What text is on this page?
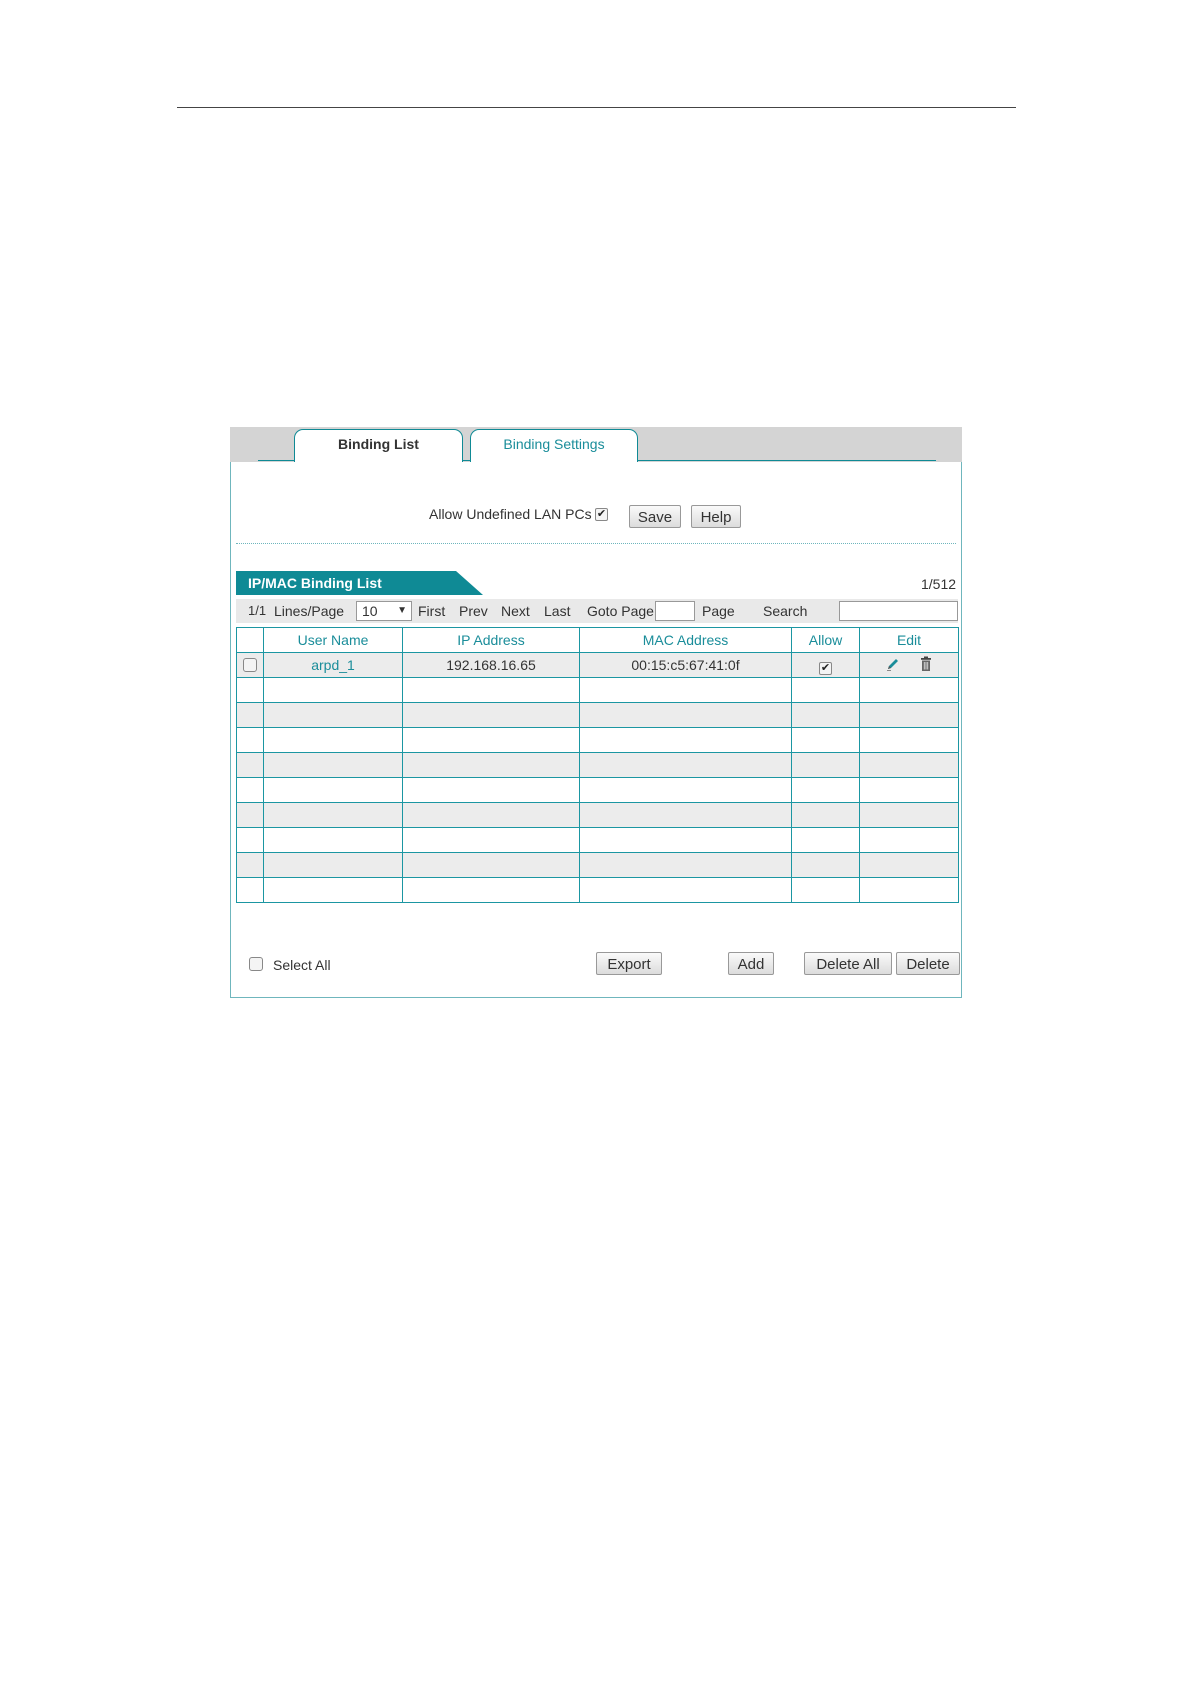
Binding List	Binding Settings
Allow Undefined LAN PCs ✔	Save	Help
IP/MAC Binding List	1/512
1/1 Lines/Page	10 ▼ First Prev Next Last Goto Page	Page Search
	User Name	IP Address	MAC Address	Allow	Edit
	arpd_1	192.168.16.65	00:15:c5:67:41:0f	✔	

Select All	Export	Add	Delete All	Delete
